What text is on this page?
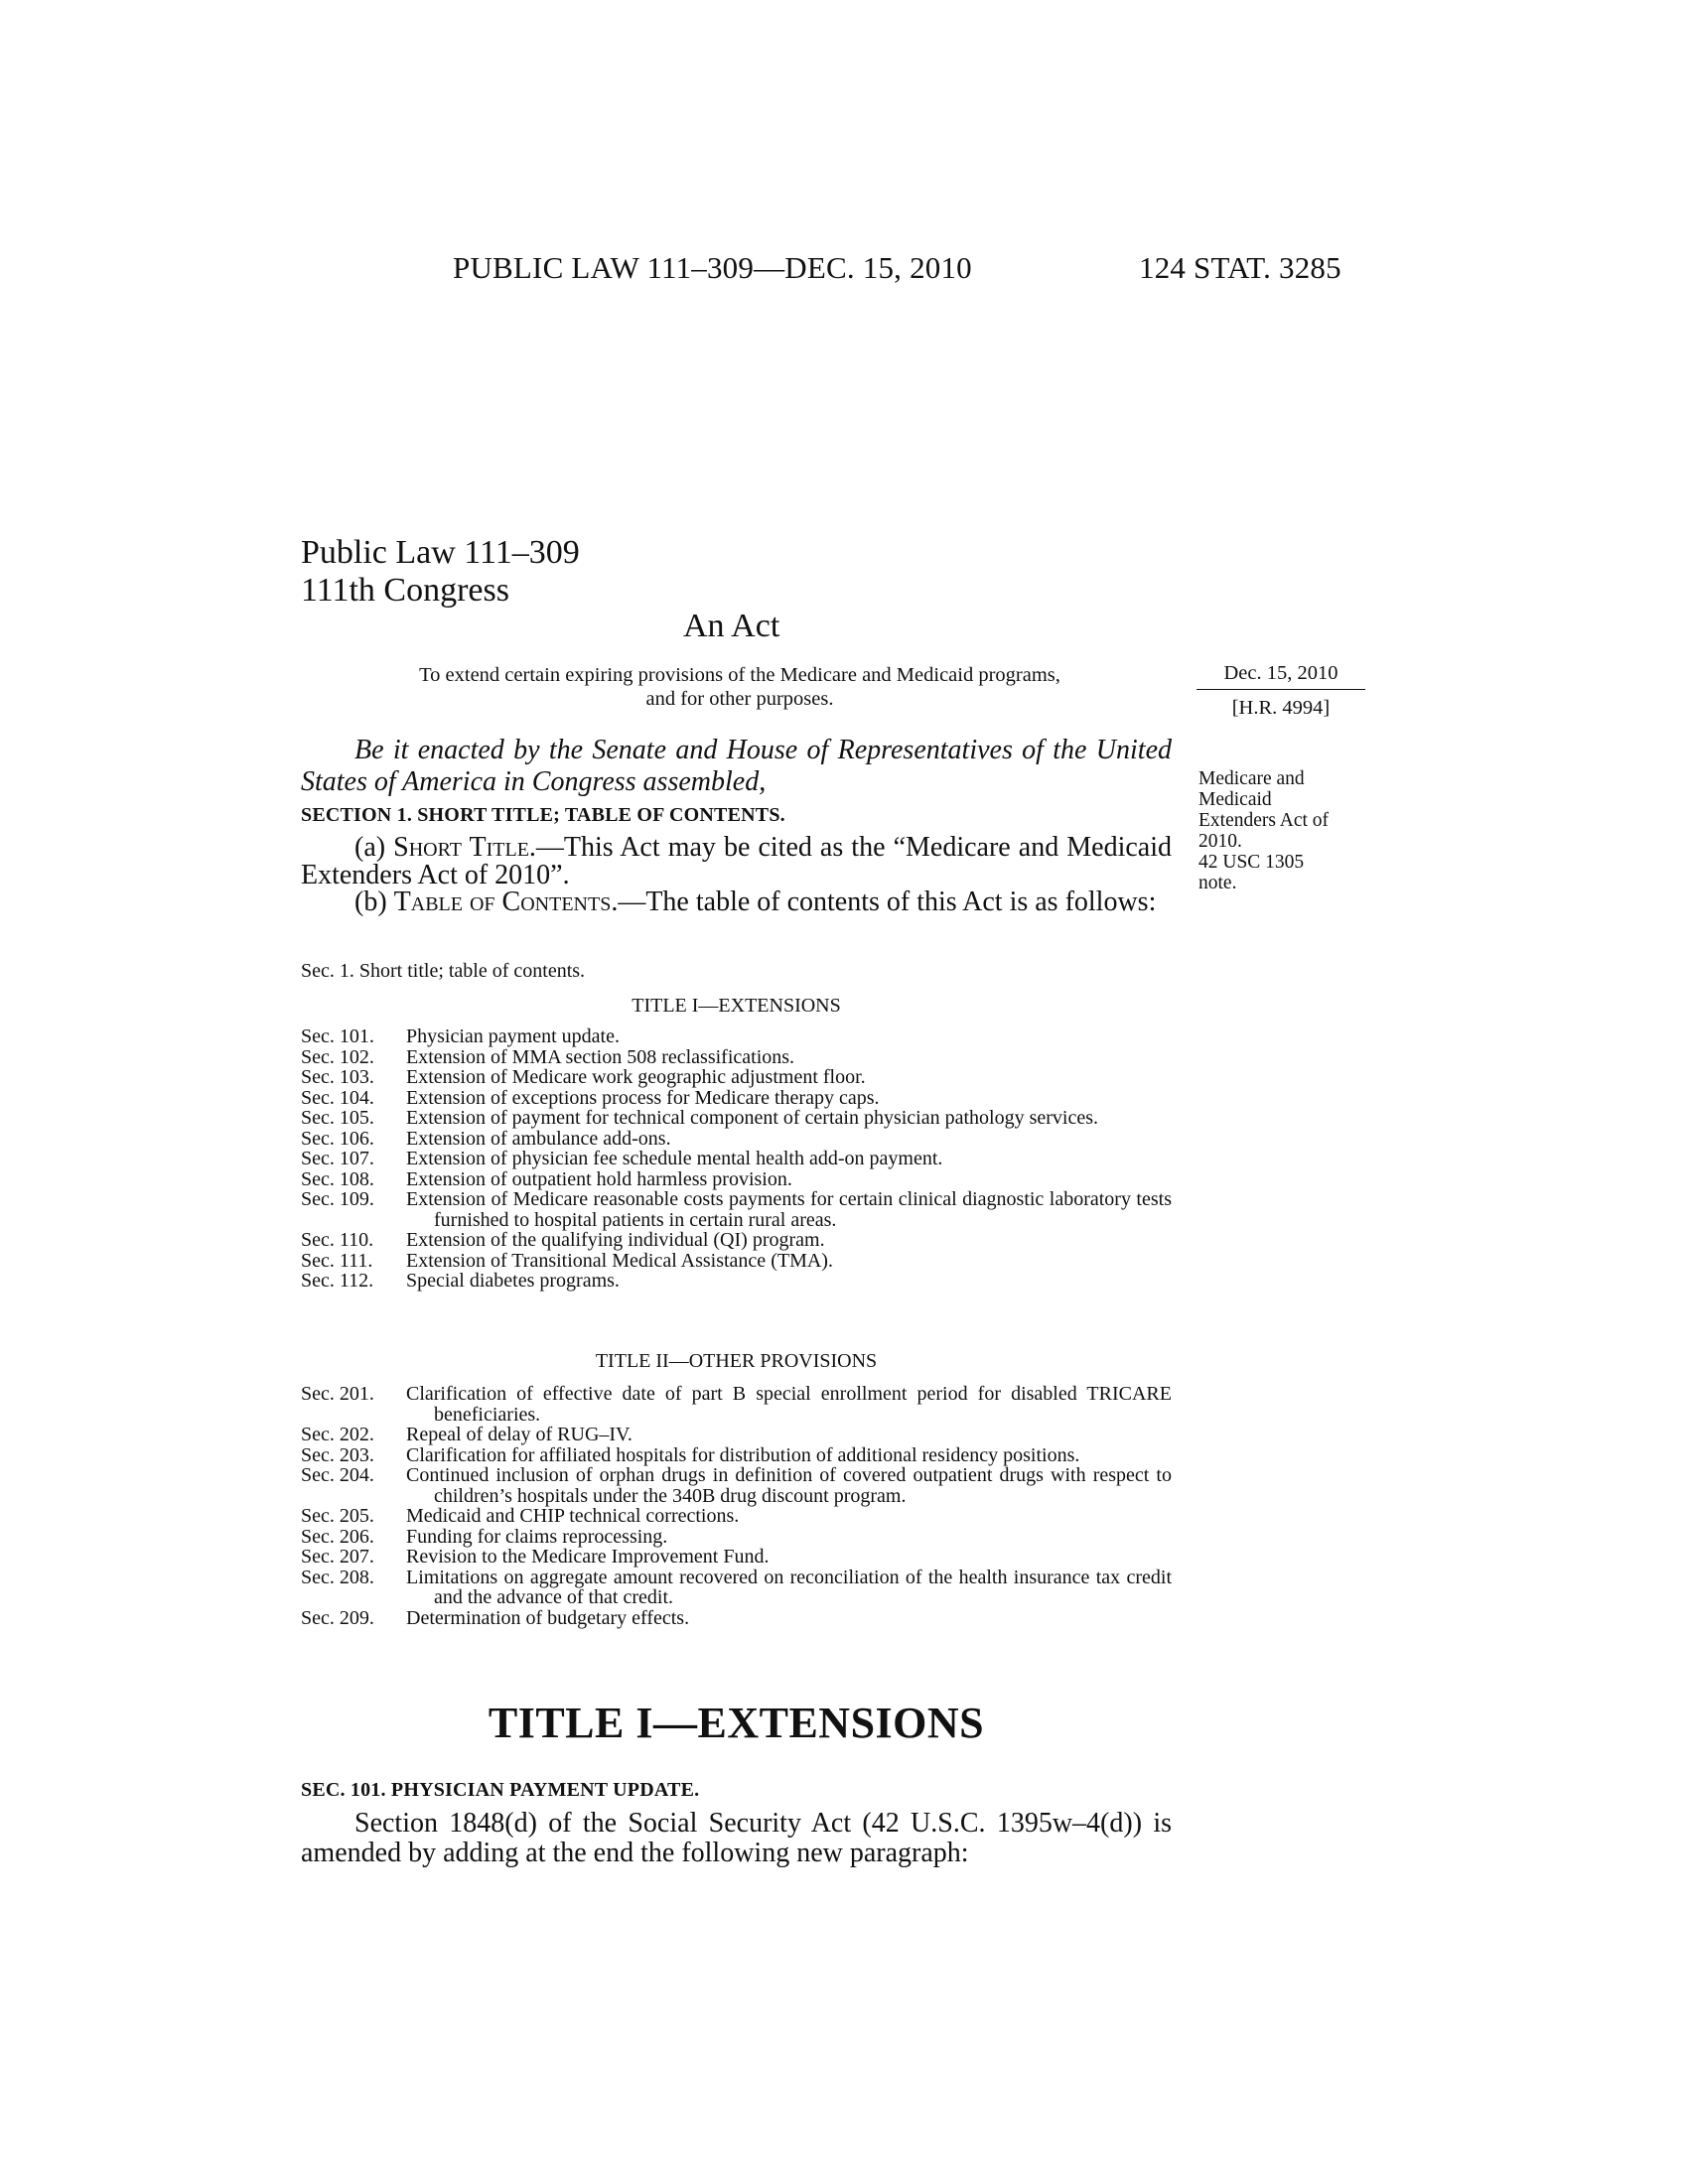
PUBLIC LAW 111–309—DEC. 15, 2010	124 STAT. 3285
Public Law 111–309
111th Congress
An Act
To extend certain expiring provisions of the Medicare and Medicaid programs,
and for other purposes.
Dec. 15, 2010
[H.R. 4994]
Medicare and
Medicaid
Extenders Act of
2010.
42 USC 1305
note.
Be it enacted by the Senate and House of Representatives of the United States of America in Congress assembled,
SECTION 1. SHORT TITLE; TABLE OF CONTENTS.
(a) Short Title.—This Act may be cited as the “Medicare and Medicaid Extenders Act of 2010”.
(b) Table of Contents.—The table of contents of this Act is as follows:
Sec. 1. Short title; table of contents.
TITLE I—EXTENSIONS
Sec. 101.	Physician payment update.
Sec. 102.	Extension of MMA section 508 reclassifications.
Sec. 103.	Extension of Medicare work geographic adjustment floor.
Sec. 104.	Extension of exceptions process for Medicare therapy caps.
Sec. 105.	Extension of payment for technical component of certain physician pathology services.
Sec. 106.	Extension of ambulance add-ons.
Sec. 107.	Extension of physician fee schedule mental health add-on payment.
Sec. 108.	Extension of outpatient hold harmless provision.
Sec. 109.	Extension of Medicare reasonable costs payments for certain clinical diagnostic laboratory tests furnished to hospital patients in certain rural areas.
Sec. 110.	Extension of the qualifying individual (QI) program.
Sec. 111.	Extension of Transitional Medical Assistance (TMA).
Sec. 112.	Special diabetes programs.
TITLE II—OTHER PROVISIONS
Sec. 201.	Clarification of effective date of part B special enrollment period for disabled TRICARE beneficiaries.
Sec. 202.	Repeal of delay of RUG–IV.
Sec. 203.	Clarification for affiliated hospitals for distribution of additional residency positions.
Sec. 204.	Continued inclusion of orphan drugs in definition of covered outpatient drugs with respect to children’s hospitals under the 340B drug discount program.
Sec. 205.	Medicaid and CHIP technical corrections.
Sec. 206.	Funding for claims reprocessing.
Sec. 207.	Revision to the Medicare Improvement Fund.
Sec. 208.	Limitations on aggregate amount recovered on reconciliation of the health insurance tax credit and the advance of that credit.
Sec. 209.	Determination of budgetary effects.
TITLE I—EXTENSIONS
SEC. 101. PHYSICIAN PAYMENT UPDATE.
Section 1848(d) of the Social Security Act (42 U.S.C. 1395w–4(d)) is amended by adding at the end the following new paragraph:
